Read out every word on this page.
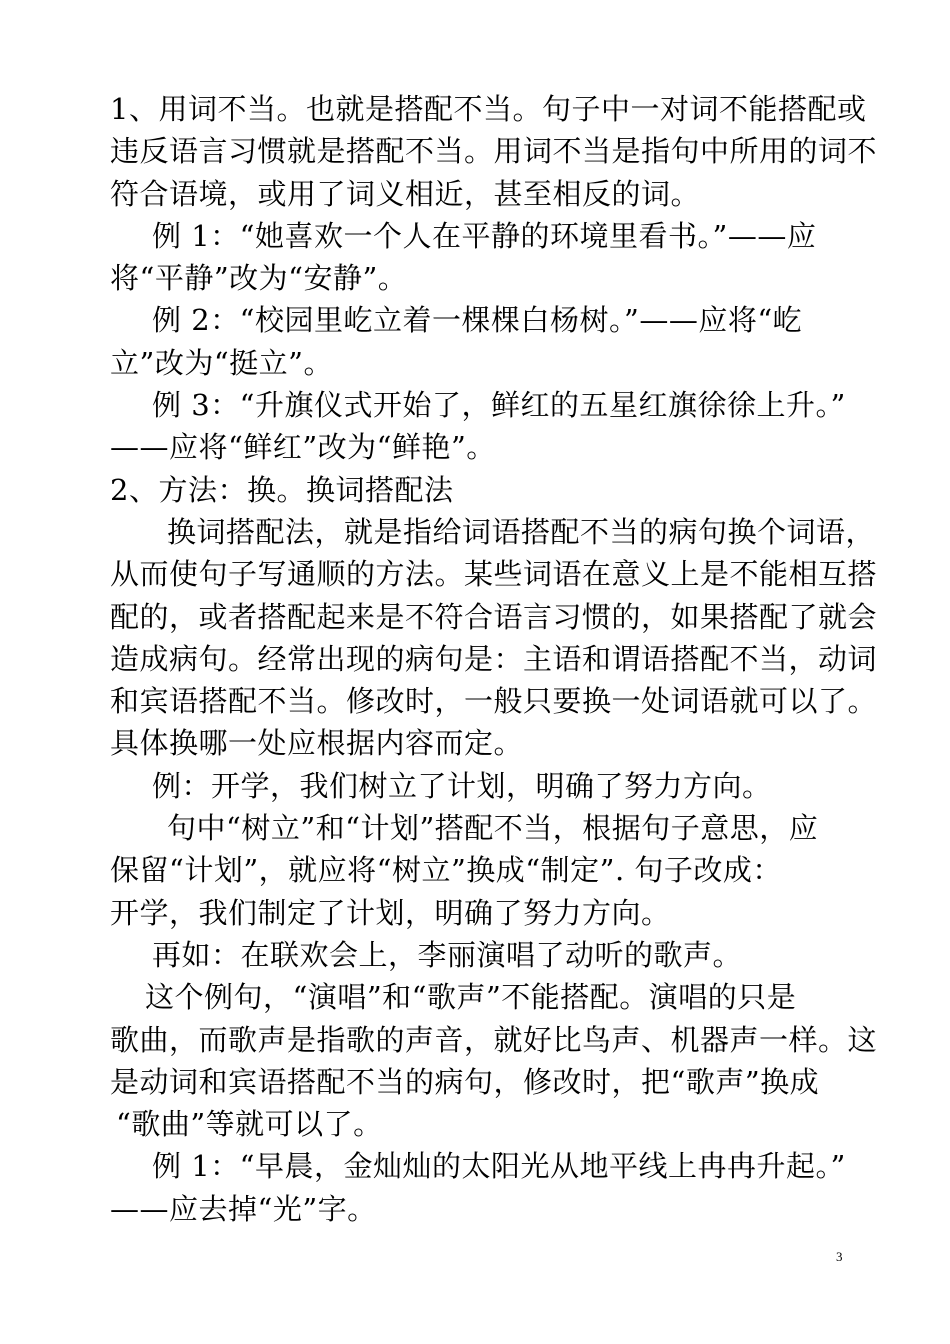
1、用词不当。也就是搭配不当。句子中一对词不能搭配或
违反语言习惯就是搭配不当。用词不当是指句中所用的词不
符合语境，或用了词义相近，甚至相反的词。
例 1：“她喜欢一个人在平静的环境里看书。”——应
将“平静”改为“安静”。
例 2：“校园里屹立着一棵棵白杨树。”——应将“屹
立”改为“挺立”。
例 3：“升旗仪式开始了，鲜红的五星红旗徐徐上升。”
——应将“鲜红”改为“鲜艳”。
2、方法：换。换词搭配法
换词搭配法，就是指给词语搭配不当的病句换个词语，
从而使句子写通顺的方法。某些词语在意义上是不能相互搭
配的，或者搭配起来是不符合语言习惯的，如果搭配了就会
造成病句。经常出现的病句是：主语和谓语搭配不当，动词
和宾语搭配不当。修改时，一般只要换一处词语就可以了。
具体换哪一处应根据内容而定。
例：开学，我们树立了计划，明确了努力方向。
句中“树立”和“计划”搭配不当，根据句子意思，应
保留“计划”，就应将“树立”换成“制定”. 句子改成：
开学，我们制定了计划，明确了努力方向。
再如：在联欢会上，李丽演唱了动听的歌声。
这个例句，“演唱”和“歌声”不能搭配。演唱的只是
歌曲，而歌声是指歌的声音，就好比鸟声、机器声一样。这
是动词和宾语搭配不当的病句，修改时，把“歌声”换成
“歌曲”等就可以了。
例 1：“早晨，金灿灿的太阳光从地平线上冉冉升起。”
——应去掉“光”字。
3
